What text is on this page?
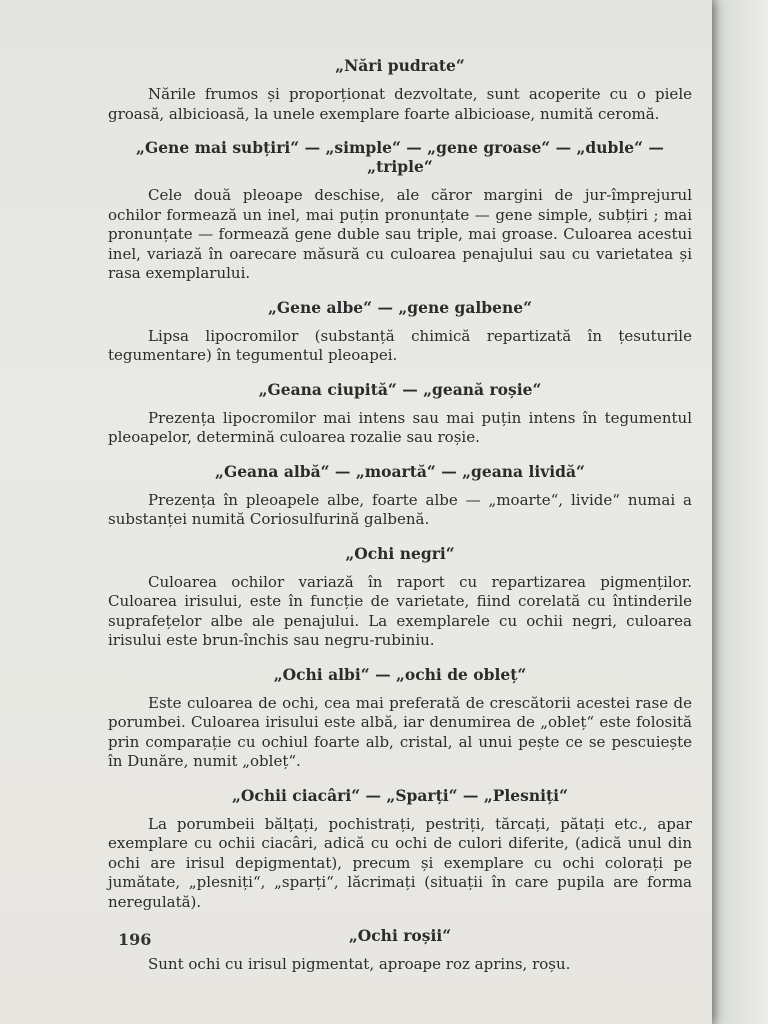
„Nări pudrate“
Nările frumos și proporționat dezvoltate, sunt acoperite cu o piele groasă, albicioasă, la unele exemplare foarte albicioase, numită ceromă.
„Gene mai subțiri“ — „simple“ — „gene groase“ — „duble“ — „triple“
Cele două pleoape deschise, ale căror margini de jur-împrejurul ochilor formează un inel, mai puțin pronunțate — gene simple, subțiri ; mai pronunțate — formează gene duble sau triple, mai groase. Culoarea acestui inel, variază în oarecare măsură cu culoarea penajului sau cu varietatea și rasa exemplarului.
„Gene albe“ — „gene galbene“
Lipsa lipocromilor (substanță chimică repartizată în țesuturile tegumentare) în tegumentul pleoapei.
„Geana ciupită“ — „geană roșie“
Prezența lipocromilor mai intens sau mai puțin intens în tegumentul pleoapelor, determină culoarea rozalie sau roșie.
„Geana albă“ — „moartă“ — „geana lividă“
Prezența în pleoapele albe, foarte albe — „moarte“, livide“ numai a substanței numită Coriosulfurină galbenă.
„Ochi negri“
Culoarea ochilor variază în raport cu repartizarea pigmenților. Culoarea irisului, este în funcție de varietate, fiind corelată cu întinderile suprafețelor albe ale penajului. La exemplarele cu ochii negri, culoarea irisului este brun-închis sau negru-rubiniu.
„Ochi albi“ — „ochi de obleț“
Este culoarea de ochi, cea mai preferată de crescătorii acestei rase de porumbei. Culoarea irisului este albă, iar denumirea de „obleț“ este folosită prin comparație cu ochiul foarte alb, cristal, al unui pește ce se pescuiește în Dunăre, numit „obleț“.
„Ochii ciacâri“ — „Sparți“ — „Plesniți“
La porumbeii bălțați, pochistrați, pestriți, tărcați, pătați etc., apar exemplare cu ochii ciacâri, adică cu ochi de culori diferite, (adică unul din ochi are irisul depigmentat), precum și exemplare cu ochi colorați pe jumătate, „plesniți“, „sparți“, lăcrimați (situații în care pupila are forma neregulată).
„Ochi roșii“
Sunt ochi cu irisul pigmentat, aproape roz aprins, roșu.
196
